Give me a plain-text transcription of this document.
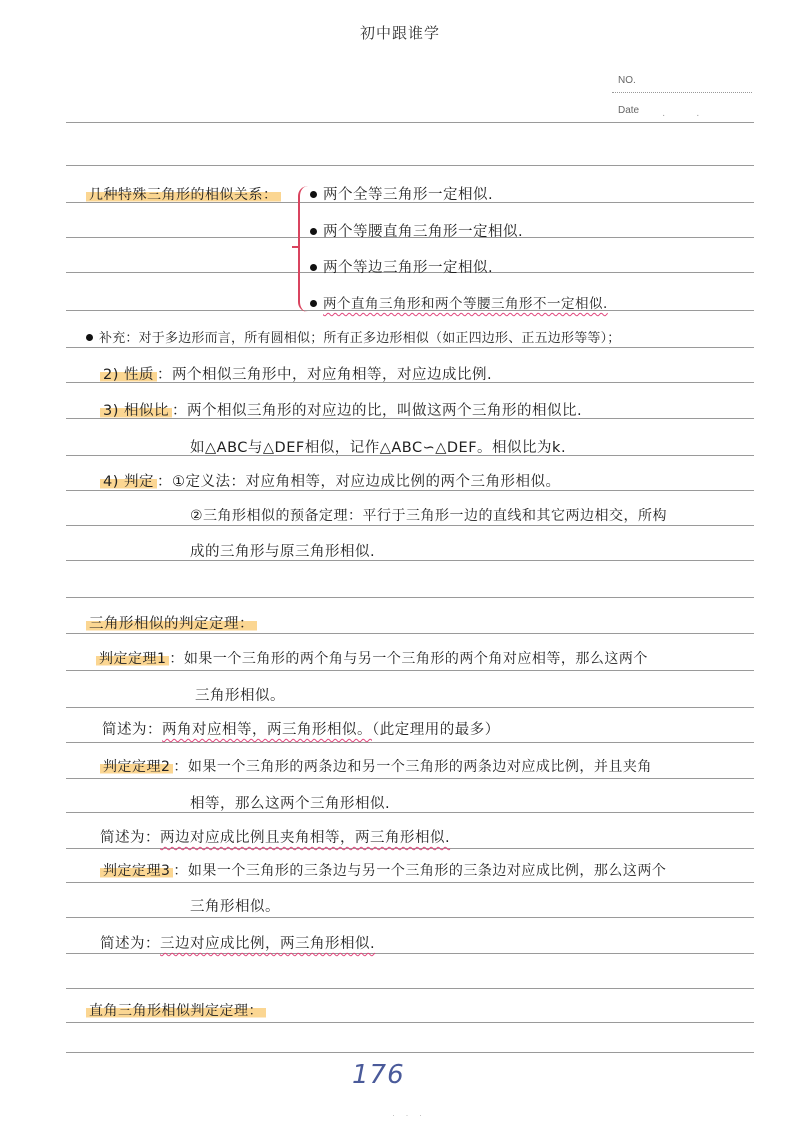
初中跟谁学
NO.
Date · ·
几种特殊三角形的相似关系：	两个全等三角形一定相似.
两个等腰直角三角形一定相似.
两个等边三角形一定相似.
两个直角三角形和两个等腰三角形不一定相似.
补充：对于多边形而言，所有圆相似；所有正多边形相似（如正四边形、正五边形等等）；
2) 性质 ：两个相似三角形中，对应角相等，对应边成比例.
3) 相似比 ：两个相似三角形的对应边的比，叫做这两个三角形的相似比.
如△ABC与△DEF相似，记作△ABC∽△DEF。相似比为k.
4) 判定 ：①定义法：对应角相等，对应边成比例的两个三角形相似。
②三角形相似的预备定理：平行于三角形一边的直线和其它两边相交，所构
成的三角形与原三角形相似.
三角形相似的判定定理：
判定定理1 ：如果一个三角形的两个角与另一个三角形的两个角对应相等，那么这两个
三角形相似。
简述为：两角对应相等，两三角形相似。（此定理用的最多）
判定定理2 ：如果一个三角形的两条边和另一个三角形的两条边对应成比例，并且夹角
相等，那么这两个三角形相似.
简述为：两边对应成比例且夹角相等，两三角形相似.
判定定理3 ：如果一个三角形的三条边与另一个三角形的三条边对应成比例，那么这两个
三角形相似。
简述为：三边对应成比例，两三角形相似.
直角三角形相似判定定理：
176
· · ·
